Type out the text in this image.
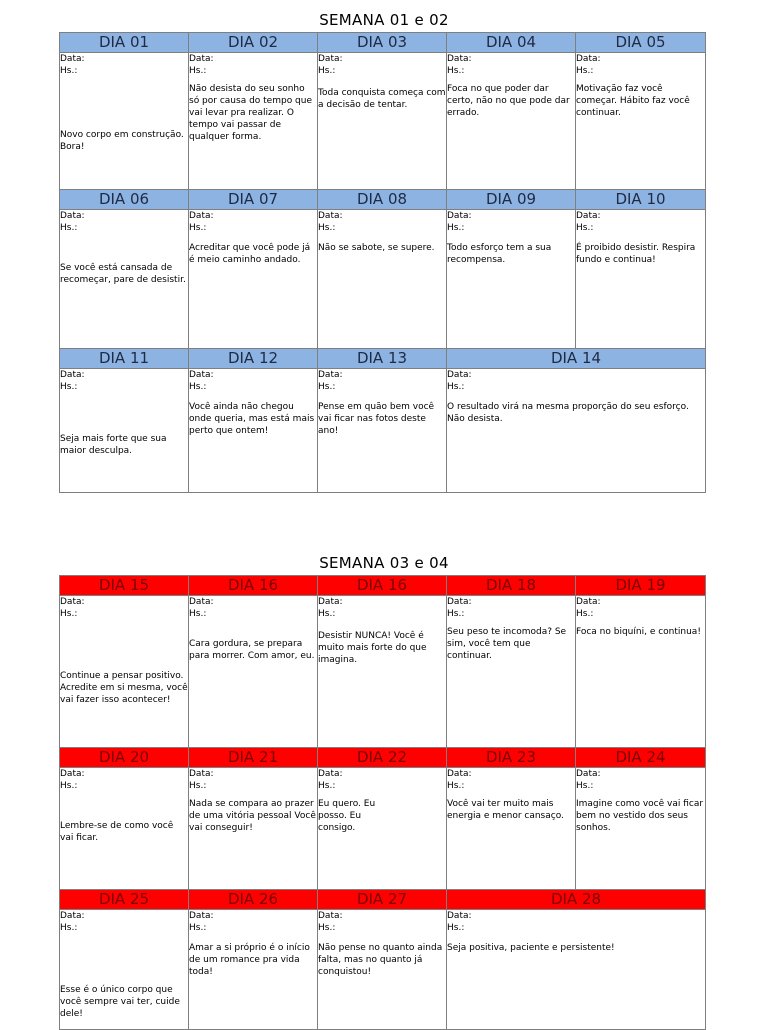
SEMANA 01 e 02
DIA 01	DIA 02	DIA 03	DIA 04	DIA 05

Data:
Hs.:
Novo corpo em construção. Bora!	Data:
Hs.:
Não desista do seu sonho só por causa do tempo que vai levar pra realizar. O tempo vai passar de qualquer forma.	Data:
Hs.:
Toda conquista começa com a decisão de tentar.	Data:
Hs.:
Foca no que poder dar certo, não no que pode dar errado.	Data:
Hs.:
Motivação faz você começar. Hábito faz você continuar.

DIA 06	DIA 07	DIA 08	DIA 09	DIA 10

Data:
Hs.:
Se você está cansada de recomeçar, pare de desistir.	Data:
Hs.:
Acreditar que você pode já é meio caminho andado.	Data:
Hs.:
Não se sabote, se supere.	Data:
Hs.:
Todo esforço tem a sua recompensa.	Data:
Hs.:
É proibido desistir. Respira fundo e continua!

DIA 11	DIA 12	DIA 13	DIA 14	

Data:
Hs.:
Seja mais forte que sua maior desculpa.	Data:
Hs.:
Você ainda não chegou onde queria, mas está mais perto que ontem!	Data:
Hs.:
Pense em quão bem você vai ficar nas fotos deste ano!	Data:
Hs.:
O resultado virá na mesma proporção do seu esforço. Não desista.	
SEMANA 03 e 04
DIA 15	DIA 16	DIA 16	DIA 18	DIA 19

Data:
Hs.:
Continue a pensar positivo. Acredite em si mesma, você vai fazer isso acontecer!	Data:
Hs.:
Cara gordura, se prepara para morrer. Com amor, eu.	Data:
Hs.:
Desistir NUNCA! Você é muito mais forte do que imagina.	Data:
Hs.:
Seu peso te incomoda? Se sim, você tem que continuar.	Data:
Hs.:
Foca no biquíni, e continua!

DIA 20	DIA 21	DIA 22	DIA 23	DIA 24

Data:
Hs.:
Lembre-se de como você vai ficar.	Data:
Hs.:
Nada se compara ao prazer de uma vitória pessoal Você vai conseguir!	Data:
Hs.:
Eu quero. Eu posso. Eu consigo.	Data:
Hs.:
Você vai ter muito mais energia e menor cansaço.	Data:
Hs.:
Imagine como você vai ficar bem no vestido dos seus sonhos.

DIA 25	DIA 26	DIA 27	DIA 28	

Data:
Hs.:
Esse é o único corpo que você sempre vai ter, cuide dele!	Data:
Hs.:
Amar a si próprio é o início de um romance pra vida toda!	Data:
Hs.:
Não pense no quanto ainda falta, mas no quanto já conquistou!	Data:
Hs.:
Seja positiva, paciente e persistente!	
